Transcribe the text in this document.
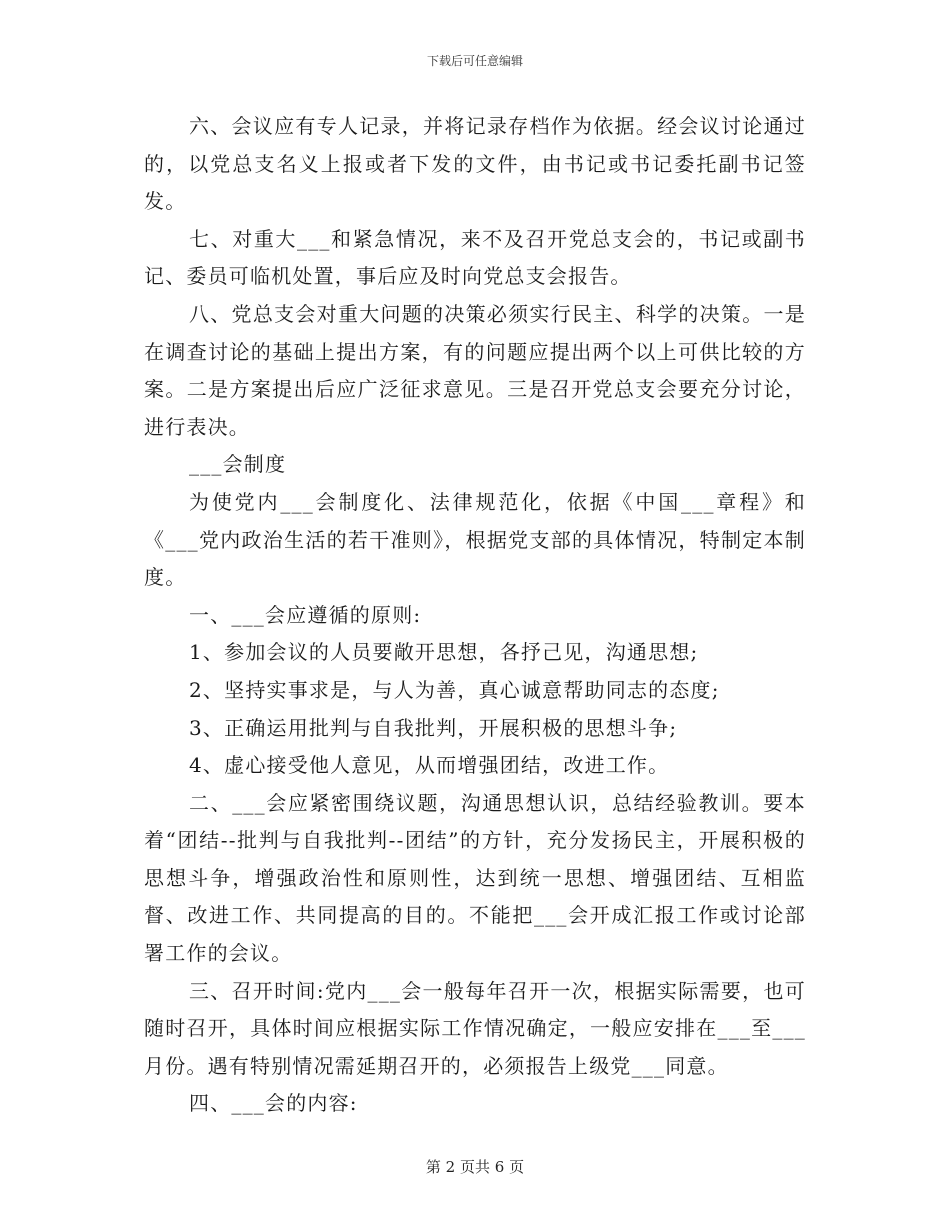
下载后可任意编辑

六、会议应有专人记录，并将记录存档作为依据。经会议讨论通过的，以党总支名义上报或者下发的文件，由书记或书记委托副书记签发。

七、对重大___和紧急情况，来不及召开党总支会的，书记或副书记、委员可临机处置，事后应及时向党总支会报告。

八、党总支会对重大问题的决策必须实行民主、科学的决策。一是在调查讨论的基础上提出方案，有的问题应提出两个以上可供比较的方案。二是方案提出后应广泛征求意见。三是召开党总支会要充分讨论，进行表决。

___会制度

为使党内___会制度化、法律规范化，依据《中国___章程》和《___党内政治生活的若干准则》，根据党支部的具体情况，特制定本制度。

一、___会应遵循的原则:

1、参加会议的人员要敞开思想，各抒己见，沟通思想;

2、坚持实事求是，与人为善，真心诚意帮助同志的态度;

3、正确运用批判与自我批判，开展积极的思想斗争;

4、虚心接受他人意见，从而增强团结，改进工作。

二、___会应紧密围绕议题，沟通思想认识，总结经验教训。要本着“团结--批判与自我批判--团结”的方针，充分发扬民主，开展积极的思想斗争，增强政治性和原则性，达到统一思想、增强团结、互相监督、改进工作、共同提高的目的。不能把___会开成汇报工作或讨论部署工作的会议。

三、召开时间:党内___会一般每年召开一次，根据实际需要，也可随时召开，具体时间应根据实际工作情况确定，一般应安排在___至___月份。遇有特别情况需延期召开的，必须报告上级党___同意。

四、___会的内容:

第 2 页共 6 页
